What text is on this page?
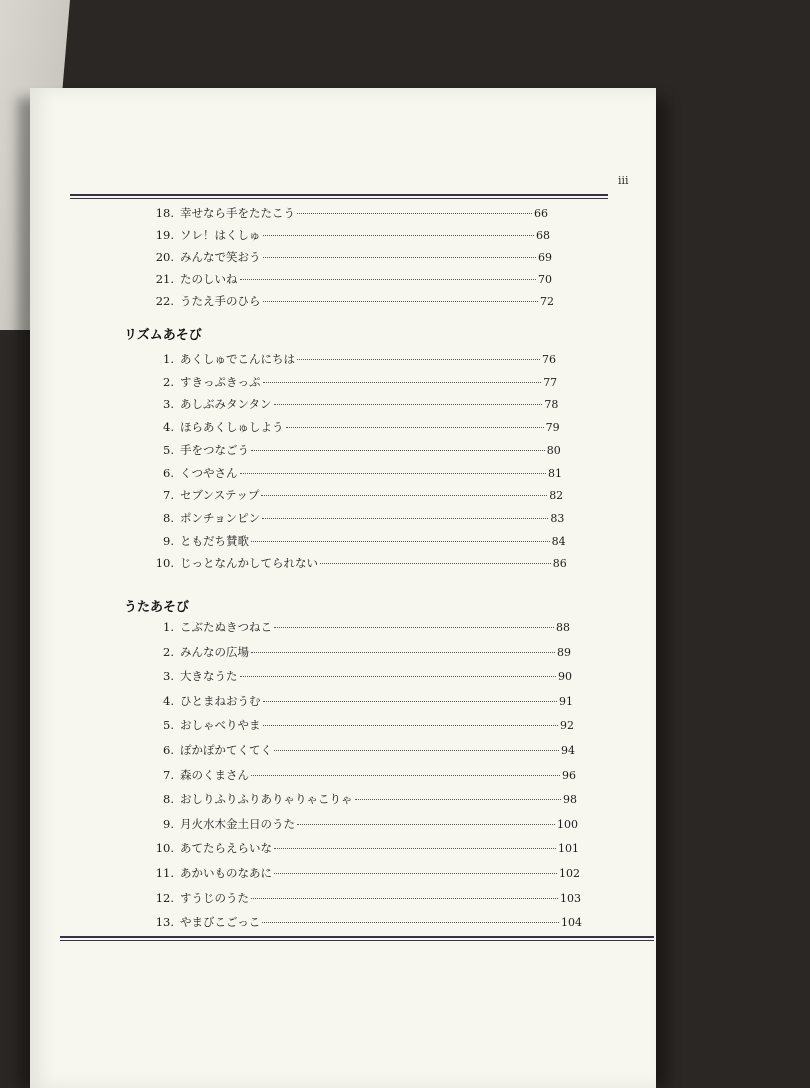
iii
18. 幸せなら手をたたこう	66
19. ソレ！はくしゅ	68
20. みんなで笑おう	69
21. たのしいね	70
22. うたえ手のひら	72
リズムあそび
1. あくしゅでこんにちは	76
2. すきっぷきっぷ	77
3. あしぶみタンタン	78
4. ほらあくしゅしよう	79
5. 手をつなごう	80
6. くつやさん	81
7. セブンステップ	82
8. ポンチョンピン	83
9. ともだち賛歌	84
10. じっとなんかしてられない	86
うたあそび
1. こぶたぬきつねこ	88
2. みんなの広場	89
3. 大きなうた	90
4. ひとまねおうむ	91
5. おしゃべりやま	92
6. ぽかぽかてくてく	94
7. 森のくまさん	96
8. おしりふりふりありゃりゃこりゃ	98
9. 月火水木金土日のうた	100
10. あてたらえらいな	101
11. あかいものなあに	102
12. すうじのうた	103
13. やまびこごっこ	104
